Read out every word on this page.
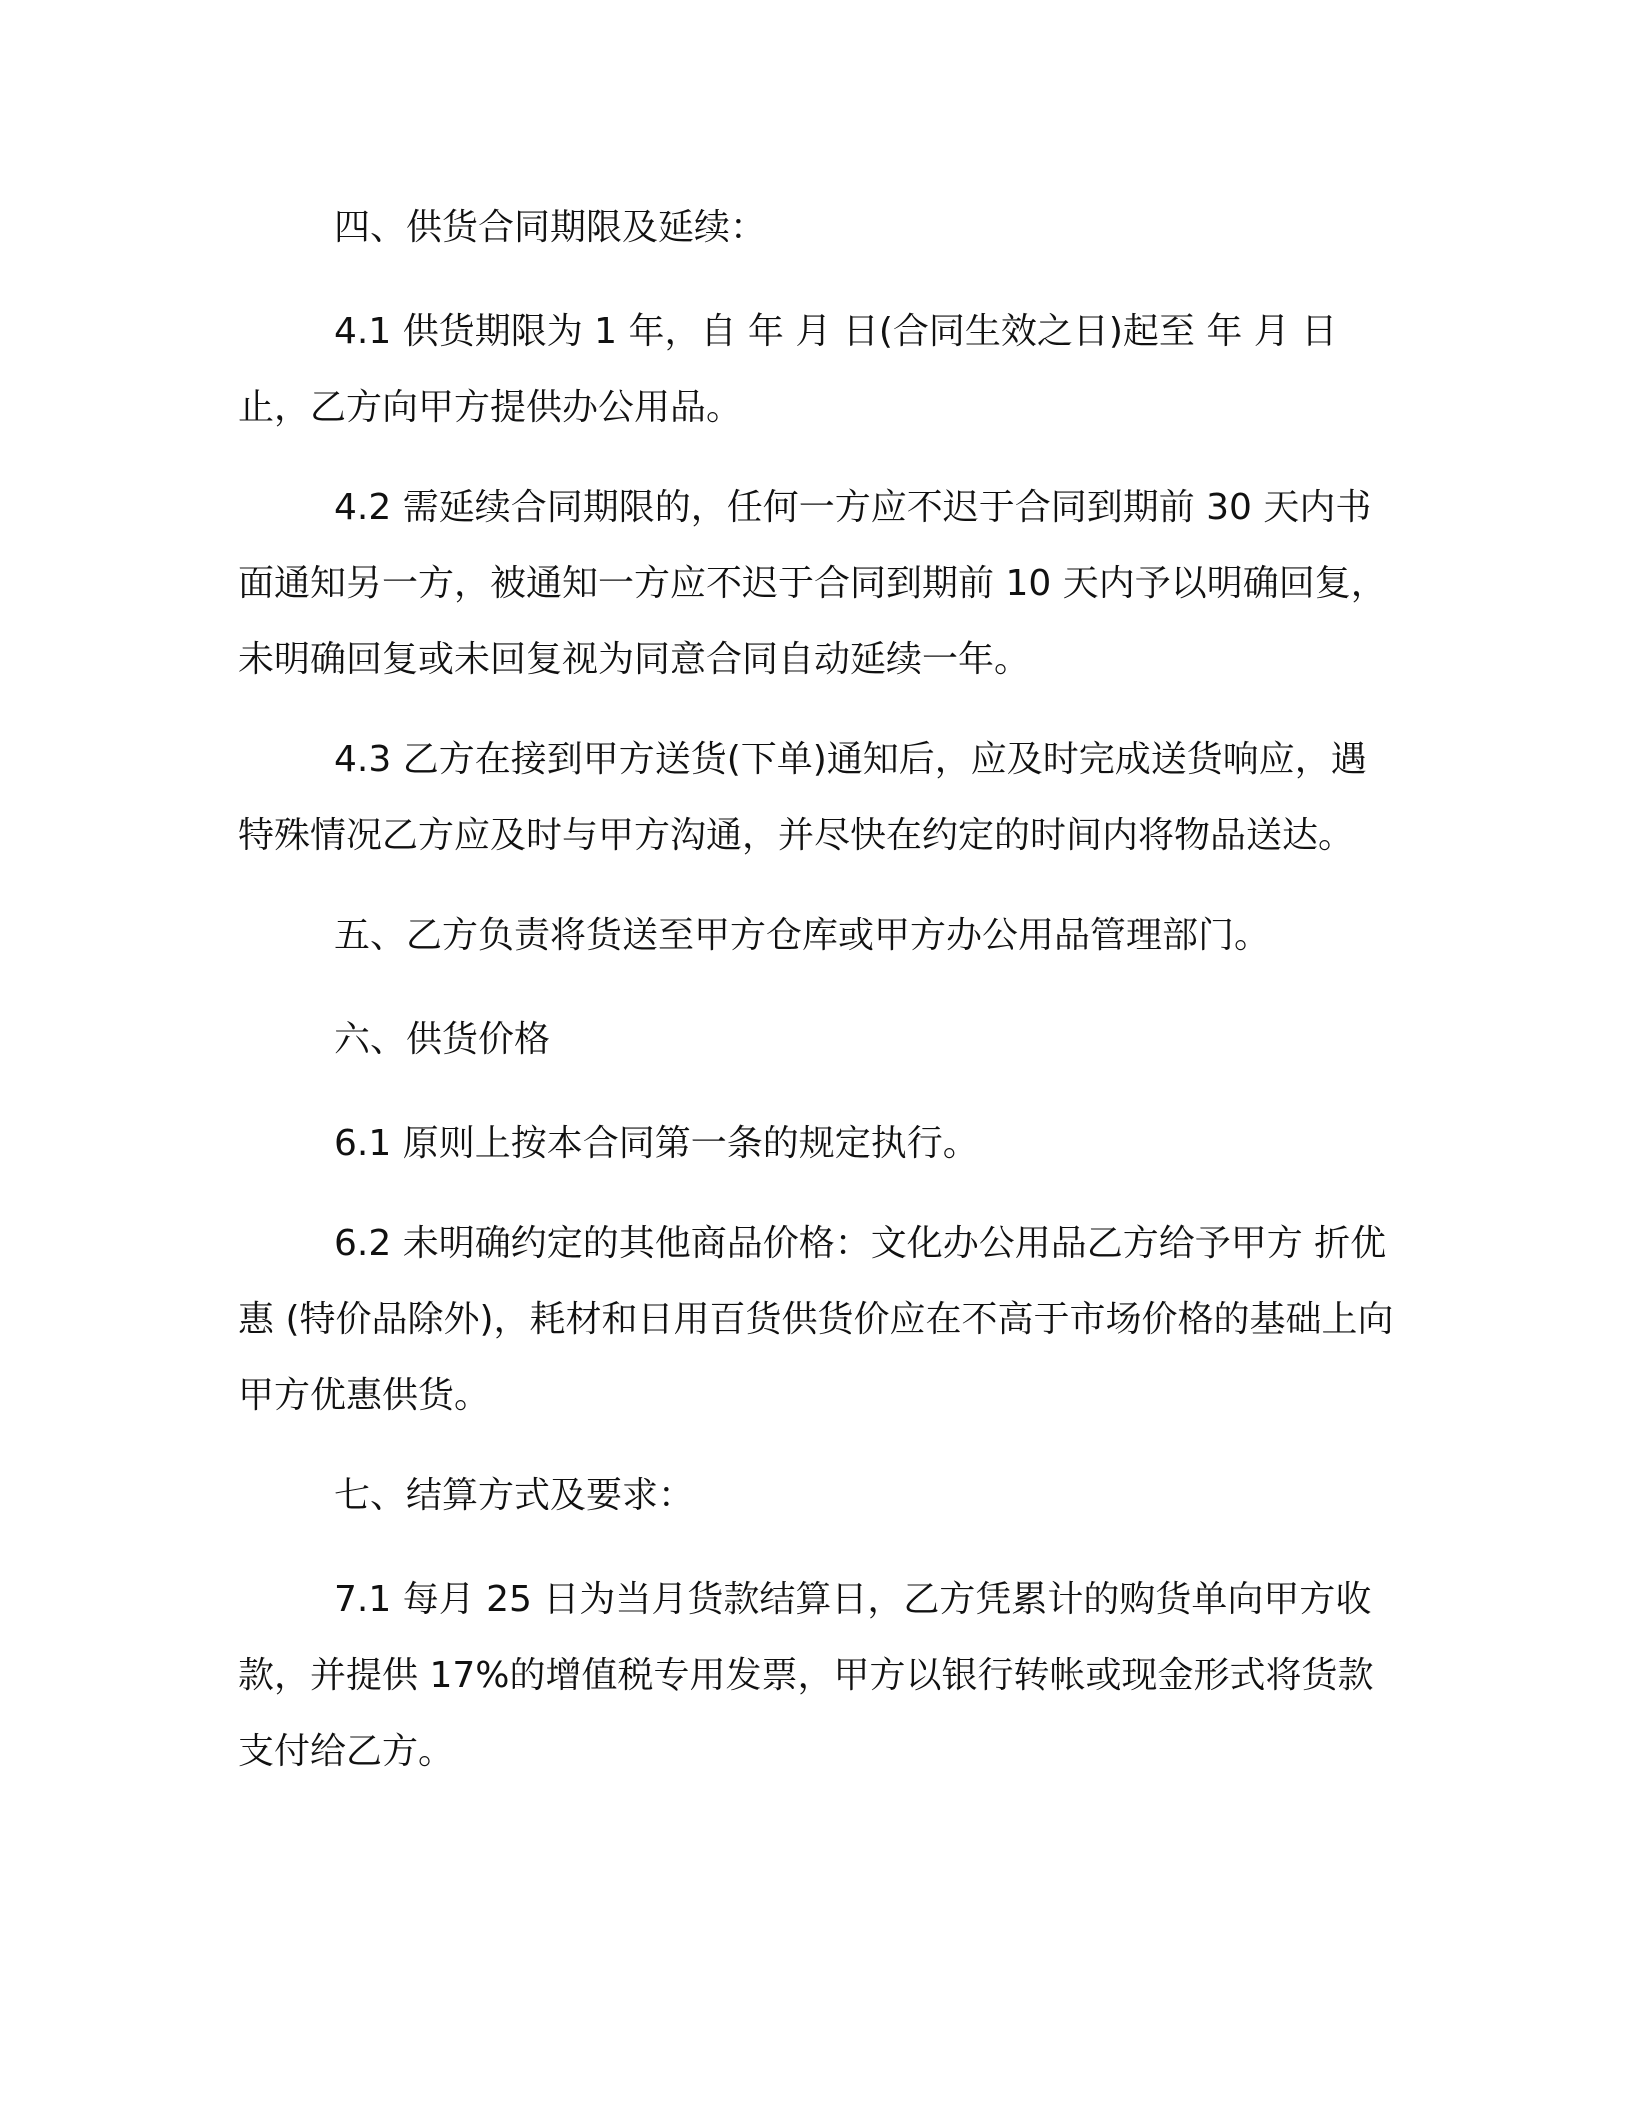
四、供货合同期限及延续：

4.1 供货期限为 1 年，自 年 月 日(合同生效之日)起至 年 月 日止，乙方向甲方提供办公用品。

4.2 需延续合同期限的，任何一方应不迟于合同到期前 30 天内书面通知另一方，被通知一方应不迟于合同到期前 10 天内予以明确回复，未明确回复或未回复视为同意合同自动延续一年。

4.3 乙方在接到甲方送货(下单)通知后，应及时完成送货响应，遇特殊情况乙方应及时与甲方沟通，并尽快在约定的时间内将物品送达。

五、乙方负责将货送至甲方仓库或甲方办公用品管理部门。

六、供货价格

6.1 原则上按本合同第一条的规定执行。

6.2 未明确约定的其他商品价格：文化办公用品乙方给予甲方 折优惠 (特价品除外)，耗材和日用百货供货价应在不高于市场价格的基础上向甲方优惠供货。

七、结算方式及要求：

7.1 每月 25 日为当月货款结算日，乙方凭累计的购货单向甲方收款，并提供 17%的增值税专用发票，甲方以银行转帐或现金形式将货款支付给乙方。
